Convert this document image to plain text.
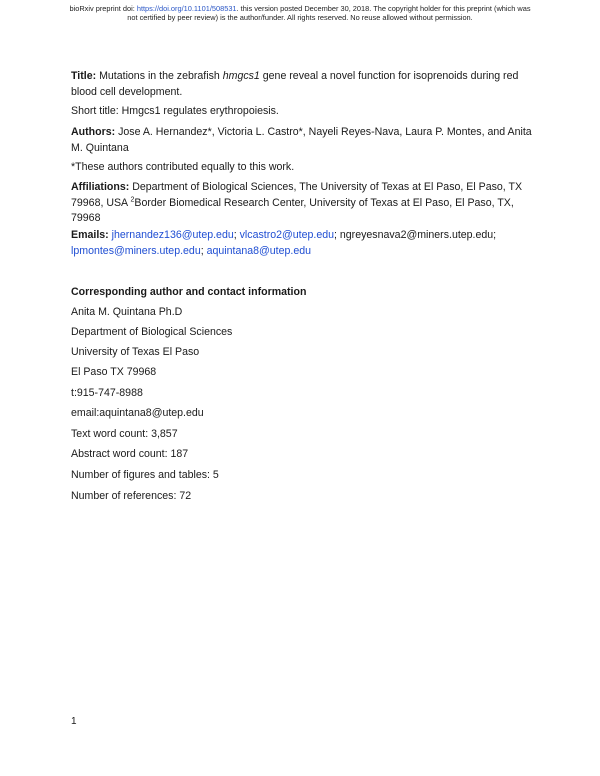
bioRxiv preprint doi: https://doi.org/10.1101/508531. this version posted December 30, 2018. The copyright holder for this preprint (which was
not certified by peer review) is the author/funder. All rights reserved. No reuse allowed without permission.

Title: Mutations in the zebrafish hmgcs1 gene reveal a novel function for isoprenoids during red blood cell development.

Short title: Hmgcs1 regulates erythropoiesis.

Authors: Jose A. Hernandez*, Victoria L. Castro*, Nayeli Reyes-Nava, Laura P. Montes, and Anita M. Quintana

*These authors contributed equally to this work.

Affiliations: Department of Biological Sciences, The University of Texas at El Paso, El Paso, TX 79968, USA $^2$Border Biomedical Research Center, University of Texas at El Paso, El Paso, TX, 79968

Emails: jhernandez136@utep.edu; vlcastro2@utep.edu; ngreyesnava2@miners.utep.edu; lpmontes@miners.utep.edu; aquintana8@utep.edu

Corresponding author and contact information

Anita M. Quintana Ph.D

Department of Biological Sciences

University of Texas El Paso

El Paso TX 79968

t:915-747-8988

email:aquintana8@utep.edu

Text word count: 3,857

Abstract word count: 187

Number of figures and tables: 5

Number of references: 72

1
